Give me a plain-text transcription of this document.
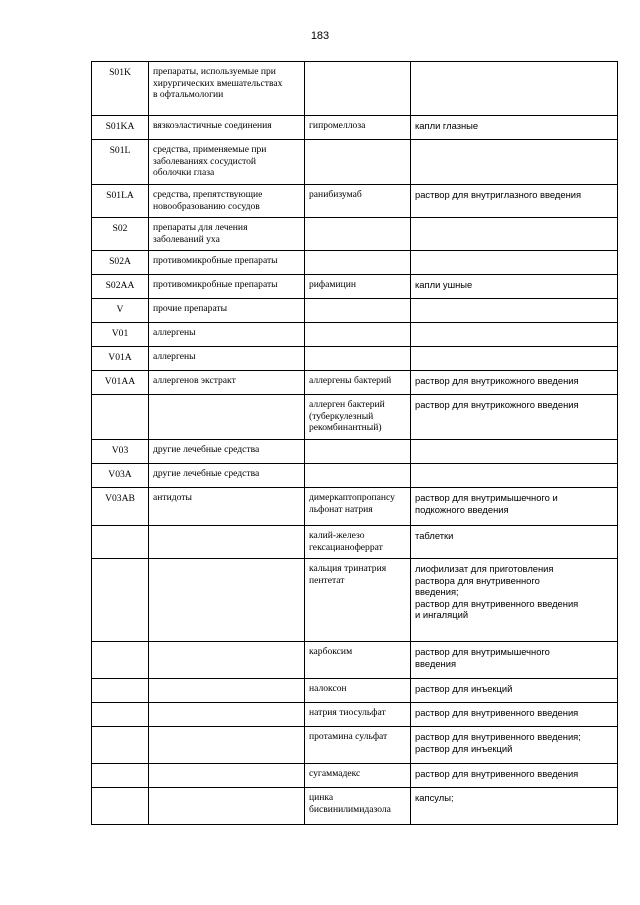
183
S01K	препараты, используемые при
хирургических вмешательствах
в офтальмологии		

S01KA	вязкоэластичные соединения	гипромеллоза	капли глазные

S01L	средства, применяемые при
заболеваниях сосудистой
оболочки глаза		

S01LA	средства, препятствующие
новообразованию сосудов	ранибизумаб	раствор для внутриглазного введения

S02	препараты для лечения
заболеваний уха		

S02A	противомикробные препараты		

S02AA	противомикробные препараты	рифамицин	капли ушные

V	прочие препараты		

V01	аллергены		

V01A	аллергены		

V01AA	аллергенов экстракт	аллергены бактерий	раствор для внутрикожного введения

		аллерген бактерий
(туберкулезный
рекомбинантный)	раствор для внутрикожного введения

V03	другие лечебные средства		

V03A	другие лечебные средства		

V03AB	антидоты	димеркаптопропансу
льфонат натрия	раствор для внутримышечного и
подкожного введения

		калий-железо
гексацианоферрат	таблетки

		кальция тринатрия
пентетат	лиофилизат для приготовления
раствора для внутривенного
введения;
раствор для внутривенного введения
и ингаляций

		карбоксим	раствор для внутримышечного
введения

		налоксон	раствор для инъекций

		натрия тиосульфат	раствор для внутривенного введения

		протамина сульфат	раствор для внутривенного введения;
раствор для инъекций

		сугаммадекс	раствор для внутривенного введения

		цинка
бисвинилимидазола	капсулы;
